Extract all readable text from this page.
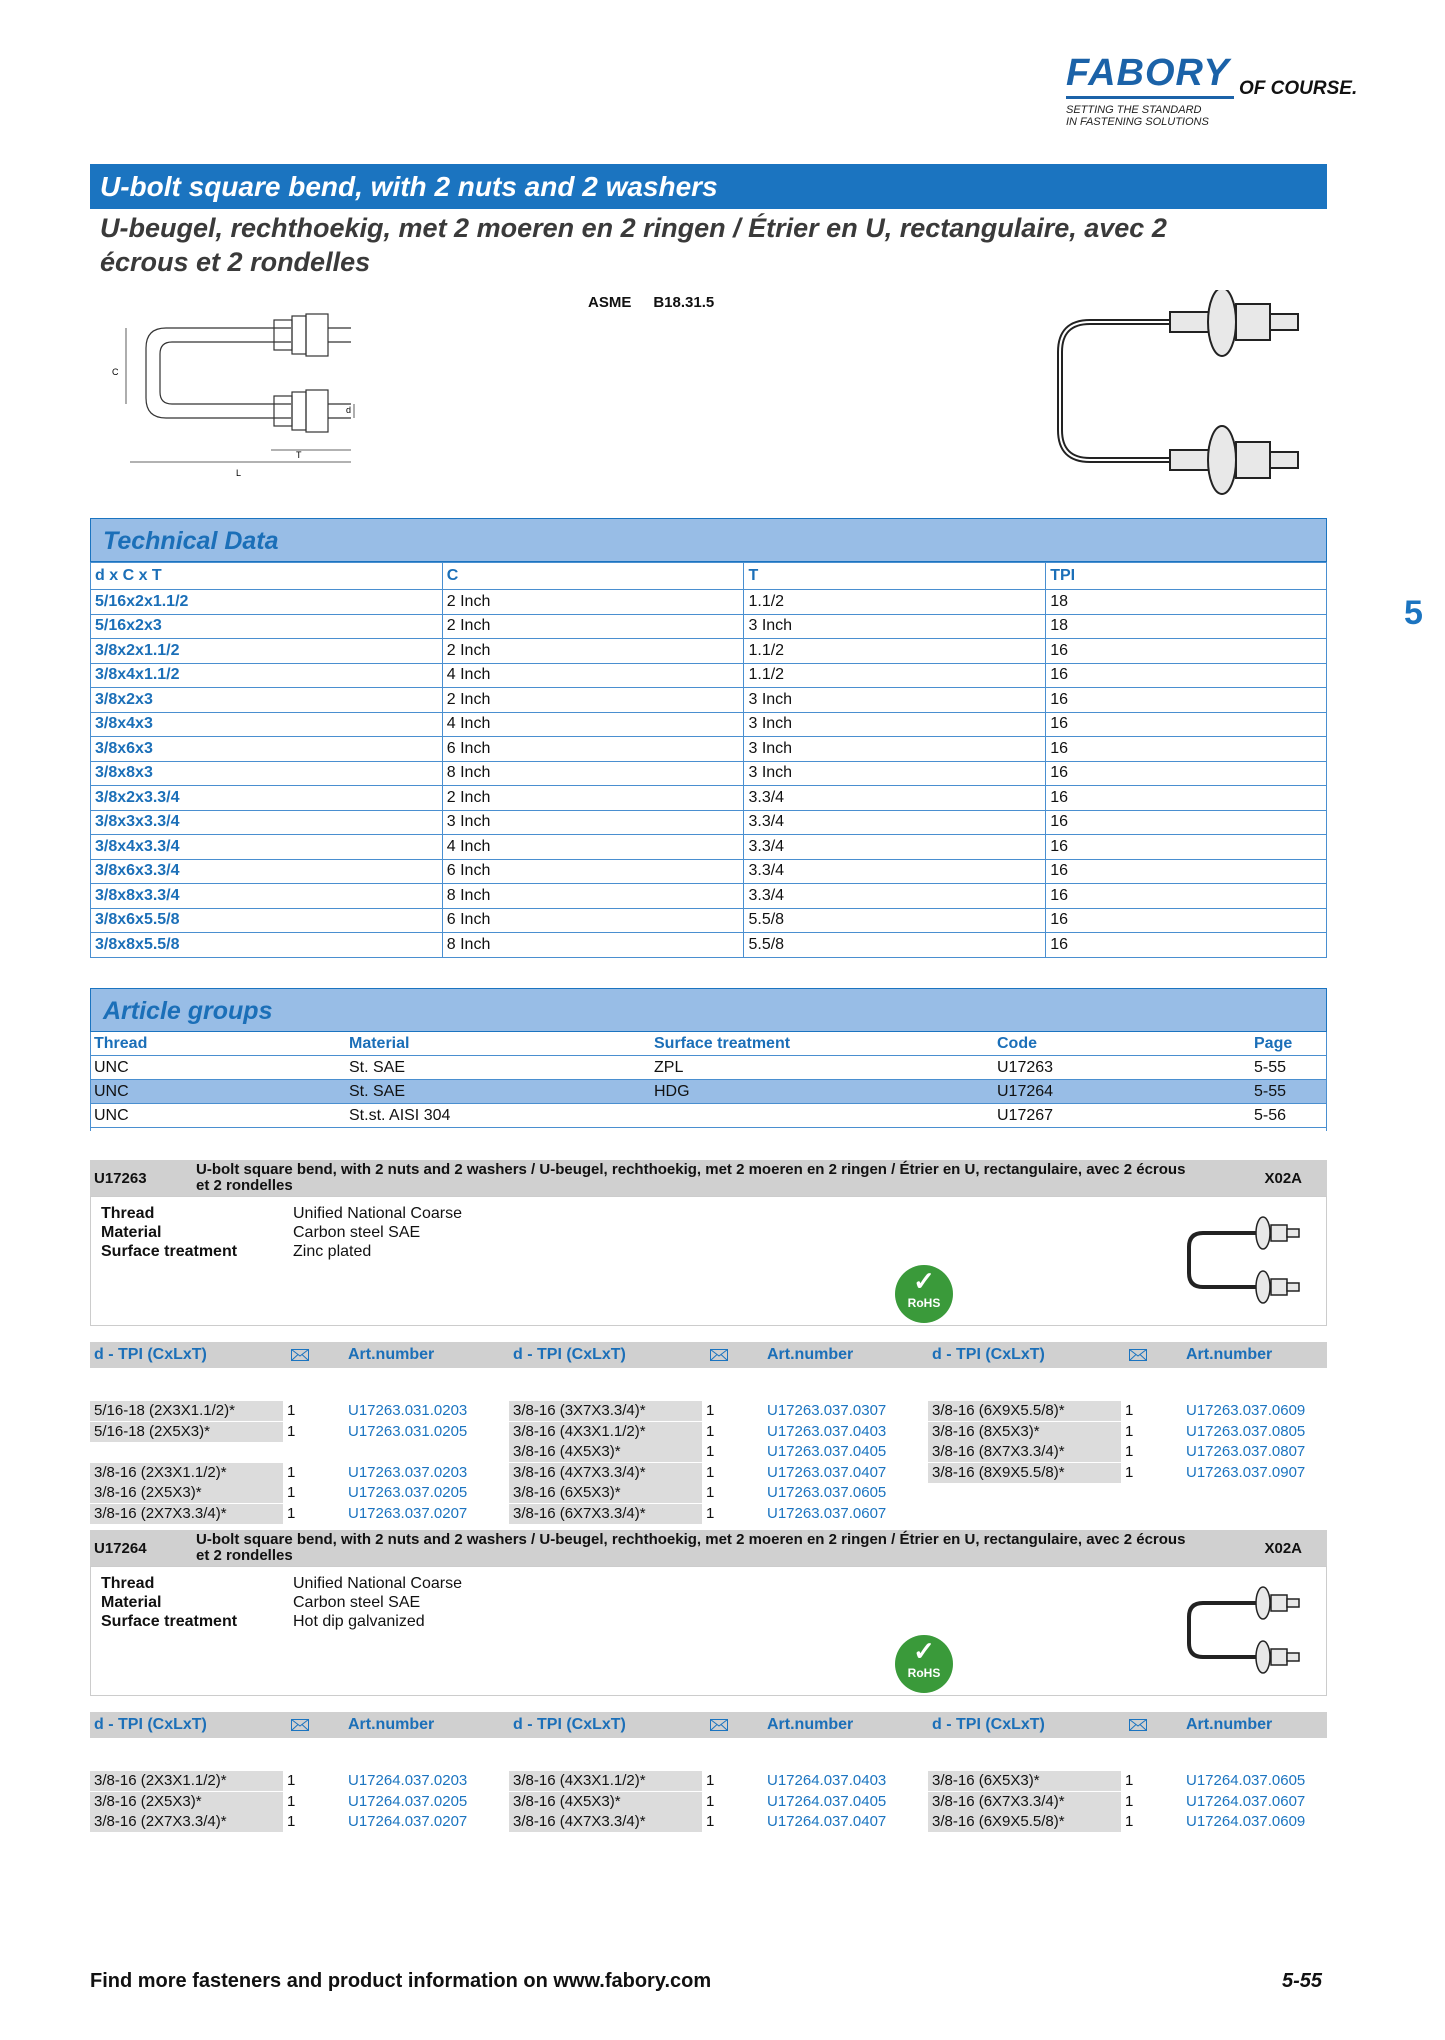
FABORY OF COURSE.
SETTING THE STANDARD
IN FASTENING SOLUTIONS
U-bolt square bend, with 2 nuts and 2 washers
U-beugel, rechthoekig, met 2 moeren en 2 ringen / Étrier en U, rectangulaire, avec 2 écrous et 2 rondelles
ASME B18.31.5
5
C
d
T
L
Technical Data
d x C x T	C	T	TPI
5/16x2x1.1/2	2 Inch	1.1/2	18
5/16x2x3	2 Inch	3 Inch	18
3/8x2x1.1/2	2 Inch	1.1/2	16
3/8x4x1.1/2	4 Inch	1.1/2	16
3/8x2x3	2 Inch	3 Inch	16
3/8x4x3	4 Inch	3 Inch	16
3/8x6x3	6 Inch	3 Inch	16
3/8x8x3	8 Inch	3 Inch	16
3/8x2x3.3/4	2 Inch	3.3/4	16
3/8x3x3.3/4	3 Inch	3.3/4	16
3/8x4x3.3/4	4 Inch	3.3/4	16
3/8x6x3.3/4	6 Inch	3.3/4	16
3/8x8x3.3/4	8 Inch	3.3/4	16
3/8x6x5.5/8	6 Inch	5.5/8	16
3/8x8x5.5/8	8 Inch	5.5/8	16
Article groups
Thread	Material	Surface treatment	Code	Page
UNC	St. SAE	ZPL	U17263	5-55
UNC	St. SAE	HDG	U17264	5-55
UNC	St.st. AISI 304		U17267	5-56
U17263
U-bolt square bend, with 2 nuts and 2 washers / U-beugel, rechthoekig, met 2 moeren en 2 ringen / Étrier en U, rectangulaire, avec 2 écrous et 2 rondelles	X02A
Thread	Unified National Coarse
Material	Carbon steel SAE
Surface treatment	Zinc plated
✓
RoHS
d - TPI (CxLxT)	Art.number	d - TPI (CxLxT)	Art.number	d - TPI (CxLxT)	Art.number
5/16-18 (2X3X1.1/2)*	1	U17263.031.0203
5/16-18 (2X5X3)*	1	U17263.031.0205
3/8-16 (2X3X1.1/2)*	1	U17263.037.0203
3/8-16 (2X5X3)*	1	U17263.037.0205
3/8-16 (2X7X3.3/4)*	1	U17263.037.0207
3/8-16 (3X7X3.3/4)*	1	U17263.037.0307
3/8-16 (4X3X1.1/2)*	1	U17263.037.0403
3/8-16 (4X5X3)*	1	U17263.037.0405
3/8-16 (4X7X3.3/4)*	1	U17263.037.0407
3/8-16 (6X5X3)*	1	U17263.037.0605
3/8-16 (6X7X3.3/4)*	1	U17263.037.0607
3/8-16 (6X9X5.5/8)*	1	U17263.037.0609
3/8-16 (8X5X3)*	1	U17263.037.0805
3/8-16 (8X7X3.3/4)*	1	U17263.037.0807
3/8-16 (8X9X5.5/8)*	1	U17263.037.0907
U17264
U-bolt square bend, with 2 nuts and 2 washers / U-beugel, rechthoekig, met 2 moeren en 2 ringen / Étrier en U, rectangulaire, avec 2 écrous et 2 rondelles	X02A
Thread	Unified National Coarse
Material	Carbon steel SAE
Surface treatment	Hot dip galvanized
✓
RoHS
d - TPI (CxLxT)	Art.number	d - TPI (CxLxT)	Art.number	d - TPI (CxLxT)	Art.number
3/8-16 (2X3X1.1/2)*	1	U17264.037.0203
3/8-16 (2X5X3)*	1	U17264.037.0205
3/8-16 (2X7X3.3/4)*	1	U17264.037.0207
3/8-16 (4X3X1.1/2)*	1	U17264.037.0403
3/8-16 (4X5X3)*	1	U17264.037.0405
3/8-16 (4X7X3.3/4)*	1	U17264.037.0407
3/8-16 (6X5X3)*	1	U17264.037.0605
3/8-16 (6X7X3.3/4)*	1	U17264.037.0607
3/8-16 (6X9X5.5/8)*	1	U17264.037.0609
Find more fasteners and product information on www.fabory.com	5-55
